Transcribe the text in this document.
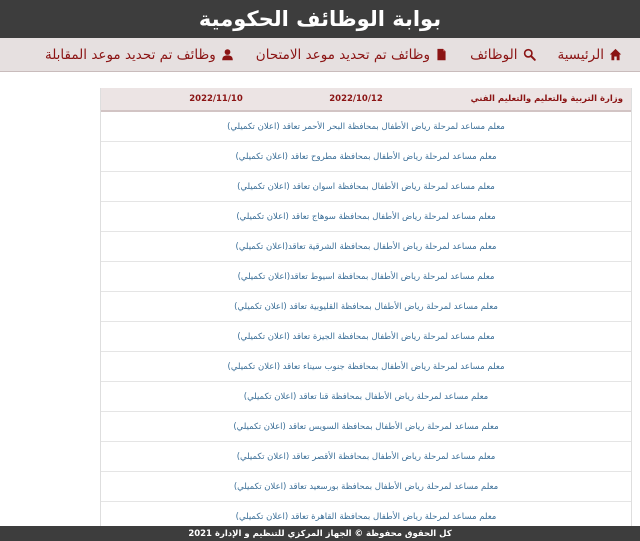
بوابة الوظائف الحكومية
الرئيسية
الوظائف
وظائف تم تحديد موعد الامتحان
وظائف تم تحديد موعد المقابلة
وزارة التربية والتعليم والتعليم الفني
2022/10/12
2022/11/10
معلم مساعد لمرحلة رياض الأطفال بمحافظة البحر الأحمر تعاقد (اعلان تكميلي)
معلم مساعد لمرحلة رياض الأطفال بمحافظة مطروح تعاقد (اعلان تكميلي)
معلم مساعد لمرحلة رياض الأطفال بمحافظة اسوان تعاقد (اعلان تكميلي)
معلم مساعد لمرحلة رياض الأطفال بمحافظة سوهاج تعاقد (اعلان تكميلي)
معلم مساعد لمرحلة رياض الأطفال بمحافظة الشرقية تعاقد(اعلان تكميلي)
معلم مساعد لمرحلة رياض الأطفال بمحافظة اسيوط تعاقد(اعلان تكميلي)
معلم مساعد لمرحلة رياض الأطفال بمحافظة القليوبية تعاقد (اعلان تكميلي)
معلم مساعد لمرحلة رياض الأطفال بمحافظة الجيزة تعاقد (اعلان تكميلي)
معلم مساعد لمرحلة رياض الأطفال بمحافظة جنوب سيناء تعاقد (اعلان تكميلي)
معلم مساعد لمرحلة رياض الأطفال بمحافظة قنا تعاقد (اعلان تكميلي)
معلم مساعد لمرحلة رياض الأطفال بمحافظة السويس تعاقد (اعلان تكميلي)
معلم مساعد لمرحلة رياض الأطفال بمحافظة الأقصر تعاقد (اعلان تكميلي)
معلم مساعد لمرحلة رياض الأطفال بمحافظة بورسعيد تعاقد (اعلان تكميلي)
معلم مساعد لمرحلة رياض الأطفال بمحافظة القاهرة تعاقد (اعلان تكميلي)
كل الحقوق محفوظة © الجهاز المركزي للتنظيم و الإدارة 2021
